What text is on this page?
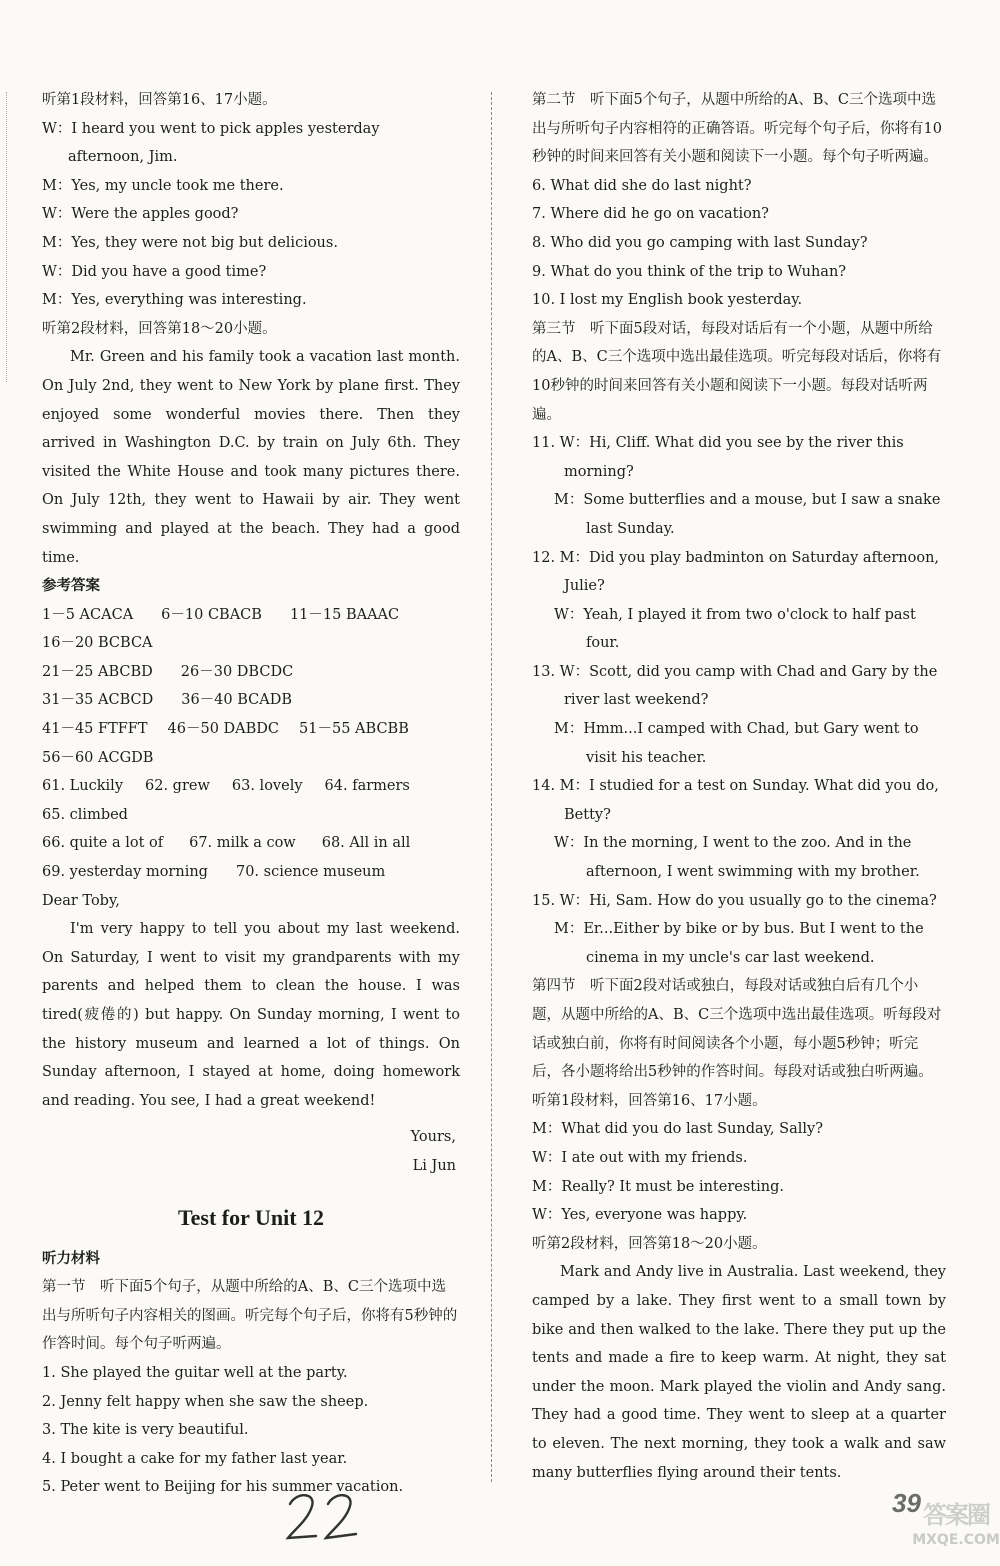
听第1段材料，回答第16、17小题。

W：I heard you went to pick apples yesterday afternoon, Jim.

M：Yes, my uncle took me there.

W：Were the apples good?

M：Yes, they were not big but delicious.

W：Did you have a good time?

M：Yes, everything was interesting.

听第2段材料，回答第18～20小题。

Mr. Green and his family took a vacation last month. On July 2nd, they went to New York by plane first. They enjoyed some wonderful movies there. Then they arrived in Washington D.C. by train on July 6th. They visited the White House and took many pictures there. On July 12th, they went to Hawaii by air. They went swimming and played at the beach. They had a good time.

参考答案

1－5 ACACA 6－10 CBACB 11－15 BAAAC
16－20 BCBCA
21－25 ABCBD 26－30 DBCDC
31－35 ACBCD 36－40 BCADB
41－45 FTFFT 46－50 DABDC 51－55 ABCBB
56－60 ACGDB
61. Luckily 62. grew 63. lovely 64. farmers
65. climbed
66. quite a lot of 67. milk a cow 68. All in all
69. yesterday morning 70. science museum

Dear Toby,

I'm very happy to tell you about my last weekend. On Saturday, I went to visit my grandparents with my parents and helped them to clean the house. I was tired(疲倦的) but happy. On Sunday morning, I went to the history museum and learned a lot of things. On Sunday afternoon, I stayed at home, doing homework and reading. You see, I had a great weekend!

Yours,

Li Jun

Test for Unit 12

听力材料

第一节　听下面5个句子，从题中所给的A、B、C三个选项中选出与所听句子内容相关的图画。听完每个句子后，你将有5秒钟的作答时间。每个句子听两遍。

1. She played the guitar well at the party.

2. Jenny felt happy when she saw the sheep.

3. The kite is very beautiful.

4. I bought a cake for my father last year.

5. Peter went to Beijing for his summer vacation.

第二节　听下面5个句子，从题中所给的A、B、C三个选项中选出与所听句子内容相符的正确答语。听完每个句子后，你将有10秒钟的时间来回答有关小题和阅读下一小题。每个句子听两遍。

6. What did she do last night?

7. Where did he go on vacation?

8. Who did you go camping with last Sunday?

9. What do you think of the trip to Wuhan?

10. I lost my English book yesterday.

第三节　听下面5段对话，每段对话后有一个小题，从题中所给的A、B、C三个选项中选出最佳选项。听完每段对话后，你将有10秒钟的时间来回答有关小题和阅读下一小题。每段对话听两遍。

11. W：Hi, Cliff. What did you see by the river this morning?

M：Some butterflies and a mouse, but I saw a snake last Sunday.

12. M：Did you play badminton on Saturday afternoon, Julie?

W：Yeah, I played it from two o'clock to half past four.

13. W：Scott, did you camp with Chad and Gary by the river last weekend?

M：Hmm...I camped with Chad, but Gary went to visit his teacher.

14. M：I studied for a test on Sunday. What did you do, Betty?

W：In the morning, I went to the zoo. And in the afternoon, I went swimming with my brother.

15. W：Hi, Sam. How do you usually go to the cinema?

M：Er...Either by bike or by bus. But I went to the cinema in my uncle's car last weekend.

第四节　听下面2段对话或独白，每段对话或独白后有几个小题，从题中所给的A、B、C三个选项中选出最佳选项。听每段对话或独白前，你将有时间阅读各个小题，每小题5秒钟；听完后，各小题将给出5秒钟的作答时间。每段对话或独白听两遍。

听第1段材料，回答第16、17小题。

M：What did you do last Sunday, Sally?

W：I ate out with my friends.

M：Really? It must be interesting.

W：Yes, everyone was happy.

听第2段材料，回答第18～20小题。

Mark and Andy live in Australia. Last weekend, they camped by a lake. They first went to a small town by bike and then walked to the lake. There they put up the tents and made a fire to keep warm. At night, they sat under the moon. Mark played the violin and Andy sang. They had a good time. They went to sleep at a quarter to eleven. The next morning, they took a walk and saw many butterflies flying around their tents.

39 答案圈
MXQE.COM
